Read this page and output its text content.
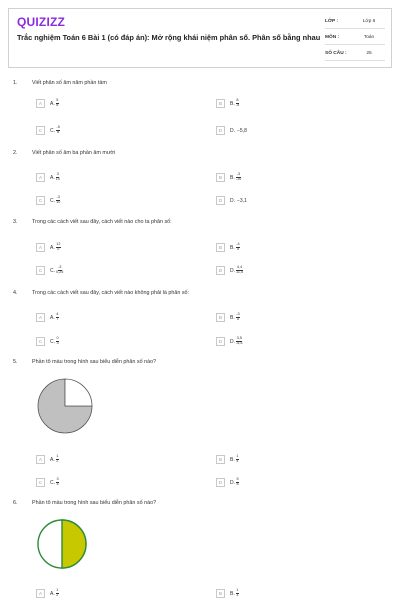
QUIZIZZ
Trắc nghiệm Toán 6 Bài 1 (có đáp án): Mở rộng khái niệm phân số. Phân số bằng nhau
LỚP :	Lớp 6
MÔN :	Toán
SỐ CÂU :	25
1.	Viết phân số âm năm phần tám
A	A. $\frac{5}{8}$	B	B. $\frac{8}{-5}$
C	C. $\frac{-5}{8}$	D	D. −5,8
2.	Viết phân số âm ba phần âm mười
A	A. $\frac{3}{10}$	B	B. $\frac{-3}{-10}$
C	C. $\frac{-3}{10}$	D	D. −3,1
3.	Trong các cách viết sau đây, cách viết nào cho ta phân số:
A	A. $\frac{12}{0}$	B	B. $\frac{-4}{5}$
C	C. $\frac{-3}{0,25}$	D	D. $\frac{4,4}{11,5}$
4.	Trong các cách viết sau đây, cách viết nào không phải là phân số:
A	A. $\frac{4}{7}$	B	B. $\frac{-3}{5}$
C	C. $\frac{0}{3}$	D	D. $\frac{3,5}{-6,5}$
5.	Phần tô màu trong hình sau biểu diễn phân số nào?
A	A. $\frac{1}{2}$	B	B. $\frac{1}{4}$
C	C. $\frac{3}{4}$	D	D. $\frac{5}{8}$
6.	Phần tô màu trong hình sau biểu diễn phân số nào?
A	A. $\frac{1}{2}$	B	B. $\frac{1}{3}$
